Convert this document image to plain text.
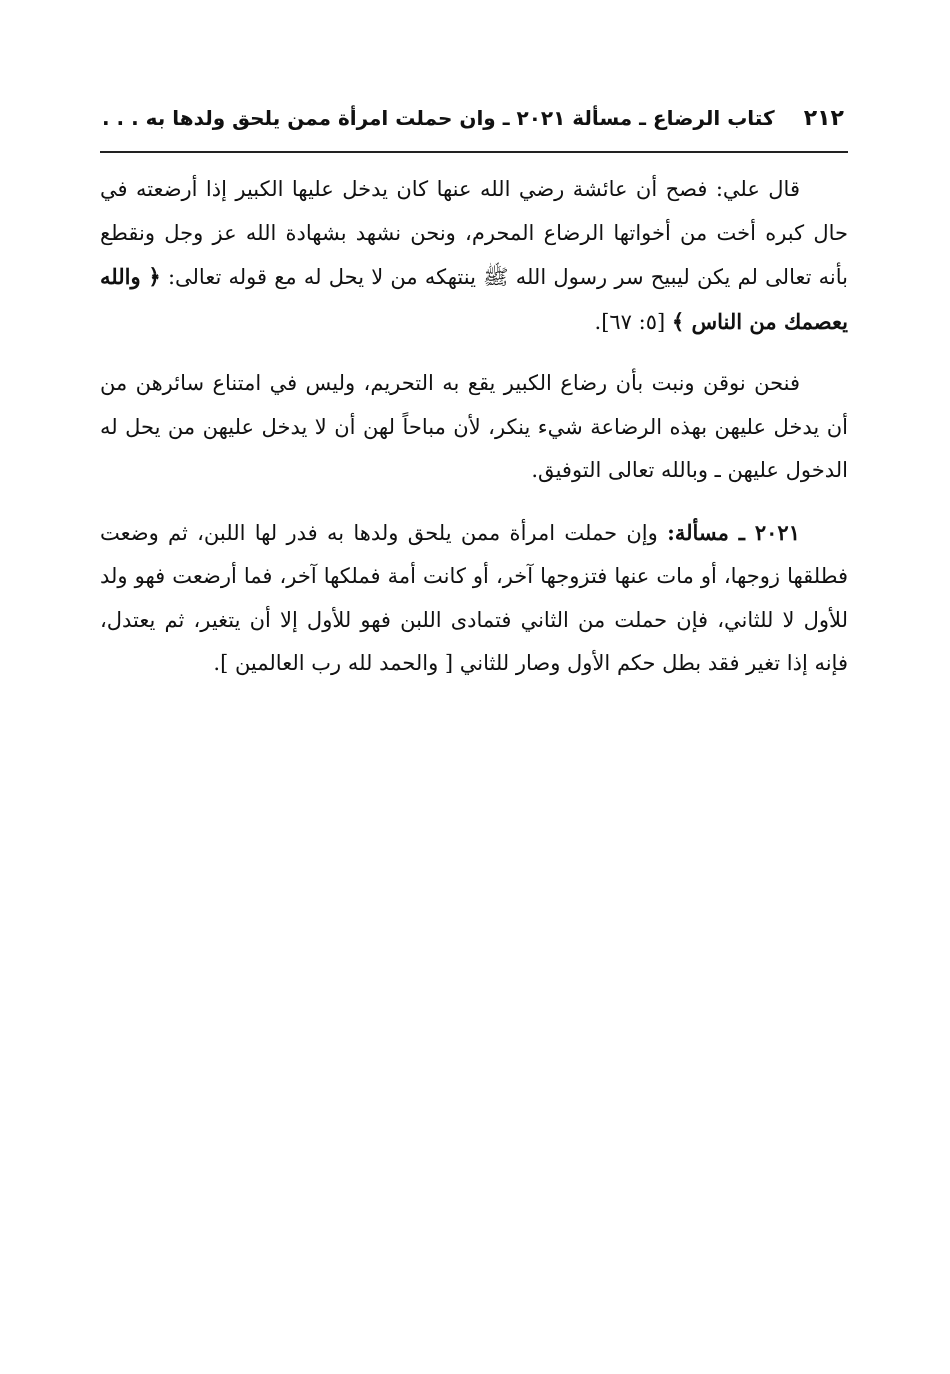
٢١٢
كتاب الرضاع ـ مسألة ٢٠٢١ ـ وان حملت امرأة ممن يلحق ولدها به . . .

قال علي: فصح أن عائشة رضي الله عنها كان يدخل عليها الكبير إذا أرضعته في حال كبره أخت من أخواتها الرضاع المحرم، ونحن نشهد بشهادة الله عز وجل ونقطع بأنه تعالى لم يكن ليبيح سر رسول الله ﷺ ينتهكه من لا يحل له مع قوله تعالى: ﴿ والله يعصمك من الناس ﴾ [٥: ٦٧].

فنحن نوقن ونبت بأن رضاع الكبير يقع به التحريم، وليس في امتناع سائرهن من أن يدخل عليهن بهذه الرضاعة شيء ينكر، لأن مباحاً لهن أن لا يدخل عليهن من يحل له الدخول عليهن ـ وبالله تعالى التوفيق.

٢٠٢١ ـ مسألة: وإن حملت امرأة ممن يلحق ولدها به فدر لها اللبن، ثم وضعت فطلقها زوجها، أو مات عنها فتزوجها آخر، أو كانت أمة فملكها آخر، فما أرضعت فهو ولد للأول لا للثاني، فإن حملت من الثاني فتمادى اللبن فهو للأول إلا أن يتغير، ثم يعتدل، فإنه إذا تغير فقد بطل حكم الأول وصار للثاني [ والحمد لله رب العالمين ].
